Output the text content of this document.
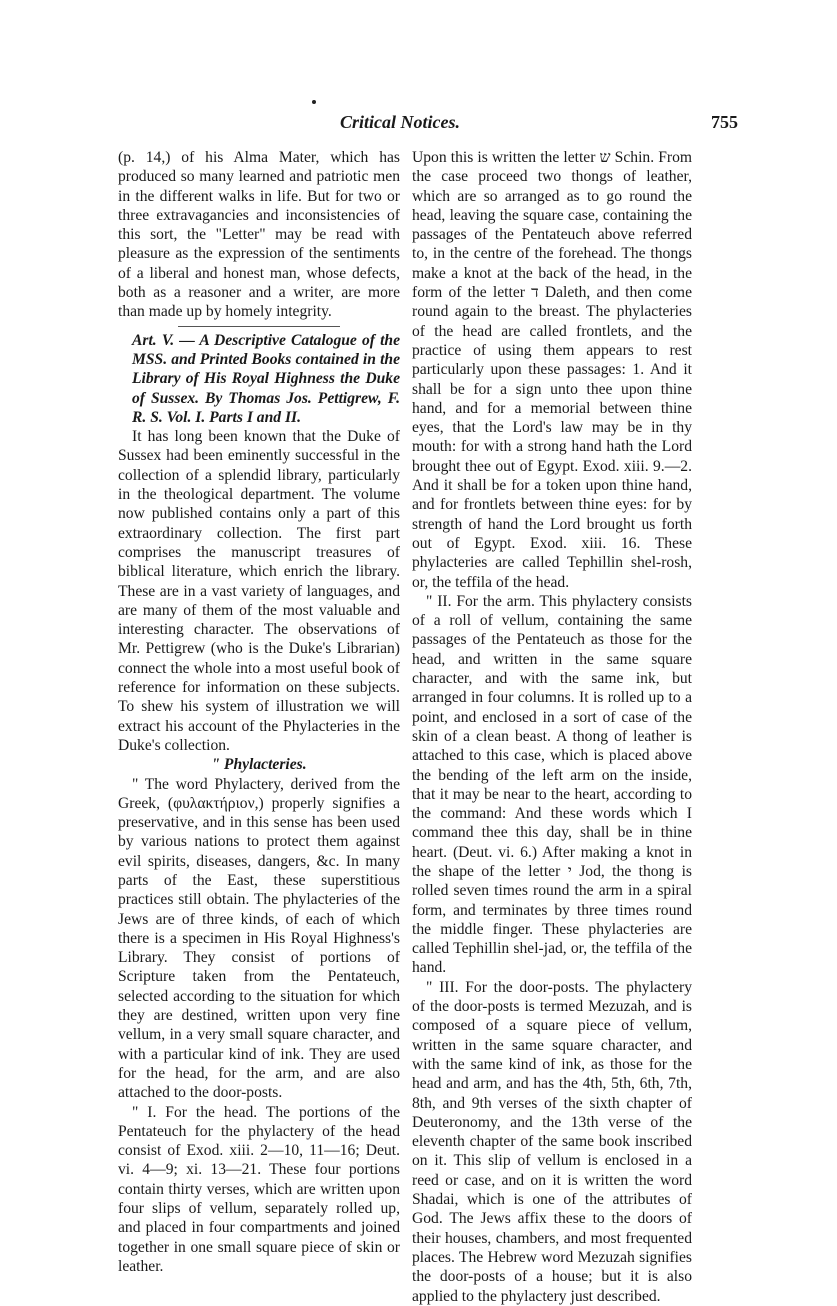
Critical Notices.	755

(p. 14,) of his Alma Mater, which has produced so many learned and patriotic men in the different walks in life. But for two or three extravagancies and inconsistencies of this sort, the "Letter" may be read with pleasure as the expression of the sentiments of a liberal and honest man, whose defects, both as a reasoner and a writer, are more than made up by homely integrity.

Art. V. — A Descriptive Catalogue of the MSS. and Printed Books contained in the Library of His Royal Highness the Duke of Sussex. By Thomas Jos. Pettigrew, F. R. S. Vol. I. Parts I and II.

It has long been known that the Duke of Sussex had been eminently successful in the collection of a splendid library, particularly in the theological department. The volume now published contains only a part of this extraordinary collection. The first part comprises the manuscript treasures of biblical literature, which enrich the library. These are in a vast variety of languages, and are many of them of the most valuable and interesting character. The observations of Mr. Pettigrew (who is the Duke's Librarian) connect the whole into a most useful book of reference for information on these subjects. To shew his system of illustration we will extract his account of the Phylacteries in the Duke's collection.

" Phylacteries.

" The word Phylactery, derived from the Greek, (φυλακτήριον,) properly signifies a preservative, and in this sense has been used by various nations to protect them against evil spirits, diseases, dangers, &c. In many parts of the East, these superstitious practices still obtain. The phylacteries of the Jews are of three kinds, of each of which there is a specimen in His Royal Highness's Library. They consist of portions of Scripture taken from the Pentateuch, selected according to the situation for which they are destined, written upon very fine vellum, in a very small square character, and with a particular kind of ink. They are used for the head, for the arm, and are also attached to the door-posts.

" I. For the head. The portions of the Pentateuch for the phylactery of the head consist of Exod. xiii. 2—10, 11—16; Deut. vi. 4—9; xi. 13—21. These four portions contain thirty verses, which are written upon four slips of vellum, separately rolled up, and placed in four compartments and joined together in one small square piece of skin or leather.

Upon this is written the letter ש Schin. From the case proceed two thongs of leather, which are so arranged as to go round the head, leaving the square case, containing the passages of the Pentateuch above referred to, in the centre of the forehead. The thongs make a knot at the back of the head, in the form of the letter ד Daleth, and then come round again to the breast. The phylacteries of the head are called frontlets, and the practice of using them appears to rest particularly upon these passages: 1. And it shall be for a sign unto thee upon thine hand, and for a memorial between thine eyes, that the Lord's law may be in thy mouth: for with a strong hand hath the Lord brought thee out of Egypt. Exod. xiii. 9.—2. And it shall be for a token upon thine hand, and for frontlets between thine eyes: for by strength of hand the Lord brought us forth out of Egypt. Exod. xiii. 16. These phylacteries are called Tephillin shel-rosh, or, the teffila of the head.

" II. For the arm. This phylactery consists of a roll of vellum, containing the same passages of the Pentateuch as those for the head, and written in the same square character, and with the same ink, but arranged in four columns. It is rolled up to a point, and enclosed in a sort of case of the skin of a clean beast. A thong of leather is attached to this case, which is placed above the bending of the left arm on the inside, that it may be near to the heart, according to the command: And these words which I command thee this day, shall be in thine heart. (Deut. vi. 6.) After making a knot in the shape of the letter י Jod, the thong is rolled seven times round the arm in a spiral form, and terminates by three times round the middle finger. These phylacteries are called Tephillin shel-jad, or, the teffila of the hand.

" III. For the door-posts. The phylactery of the door-posts is termed Mezuzah, and is composed of a square piece of vellum, written in the same square character, and with the same kind of ink, as those for the head and arm, and has the 4th, 5th, 6th, 7th, 8th, and 9th verses of the sixth chapter of Deuteronomy, and the 13th verse of the eleventh chapter of the same book inscribed on it. This slip of vellum is enclosed in a reed or case, and on it is written the word Shadai, which is one of the attributes of God. The Jews affix these to the doors of their houses, chambers, and most frequented places. The Hebrew word Mezuzah signifies the door-posts of a house; but it is also applied to the phylactery just described.
